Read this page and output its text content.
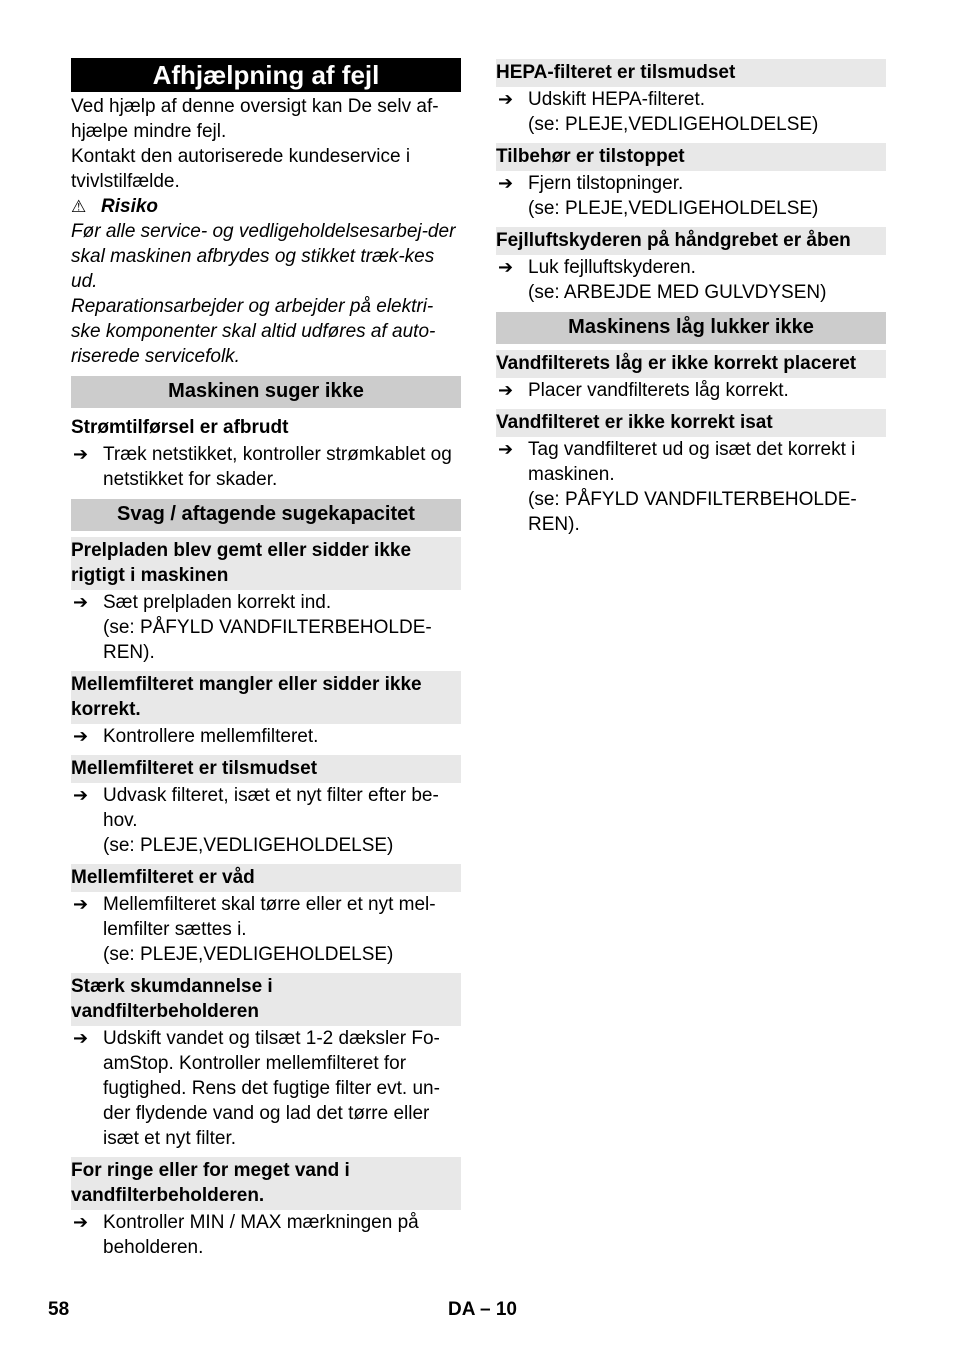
Afhjælpning af fejl

Ved hjælp af denne oversigt kan De selv af-hjælpe mindre fejl.

Kontakt den autoriserede kundeservice i tvivlstilfælde.

⚠ Risiko

Før alle service- og vedligeholdelsesarbej-der skal maskinen afbrydes og stikket træk-kes ud.

Reparationsarbejder og arbejder på elektri-ske komponenter skal altid udføres af auto-riserede servicefolk.

Maskinen suger ikke
Strømtilførsel er afbrudt
➔ Træk netstikket, kontroller strømkablet og netstikket for skader.
Svag / aftagende sugekapacitet
Prelpladen blev gemt eller sidder ikke rigtigt i maskinen
➔ Sæt prelpladen korrekt ind.
(se: PÅFYLD VANDFILTERBEHOLDE-REN).
Mellemfilteret mangler eller sidder ikke korrekt.
➔ Kontrollere mellemfilteret.
Mellemfilteret er tilsmudset
➔ Udvask filteret, isæt et nyt filter efter be-hov.
(se: PLEJE,VEDLIGEHOLDELSE)
Mellemfilteret er våd
➔ Mellemfilteret skal tørre eller et nyt mel-lemfilter sættes i.
(se: PLEJE,VEDLIGEHOLDELSE)
Stærk skumdannelse i vandfilterbeholderen
➔ Udskift vandet og tilsæt 1-2 dæksler Fo-amStop. Kontroller mellemfilteret for fugtighed. Rens det fugtige filter evt. un-der flydende vand og lad det tørre eller isæt et nyt filter.
For ringe eller for meget vand i vandfilterbeholderen.
➔ Kontroller MIN / MAX mærkningen på beholderen.
HEPA-filteret er tilsmudset
➔ Udskift HEPA-filteret.
(se: PLEJE,VEDLIGEHOLDELSE)
Tilbehør er tilstoppet
➔ Fjern tilstopninger.
(se: PLEJE,VEDLIGEHOLDELSE)
Fejlluftskyderen på håndgrebet er åben
➔ Luk fejlluftskyderen.
(se: ARBEJDE MED GULVDYSEN)
Maskinens låg lukker ikke
Vandfilterets låg er ikke korrekt placeret
➔ Placer vandfilterets låg korrekt.
Vandfilteret er ikke korrekt isat
➔ Tag vandfilteret ud og isæt det korrekt i maskinen.
(se: PÅFYLD VANDFILTERBEHOLDE-REN).
58	DA – 10
